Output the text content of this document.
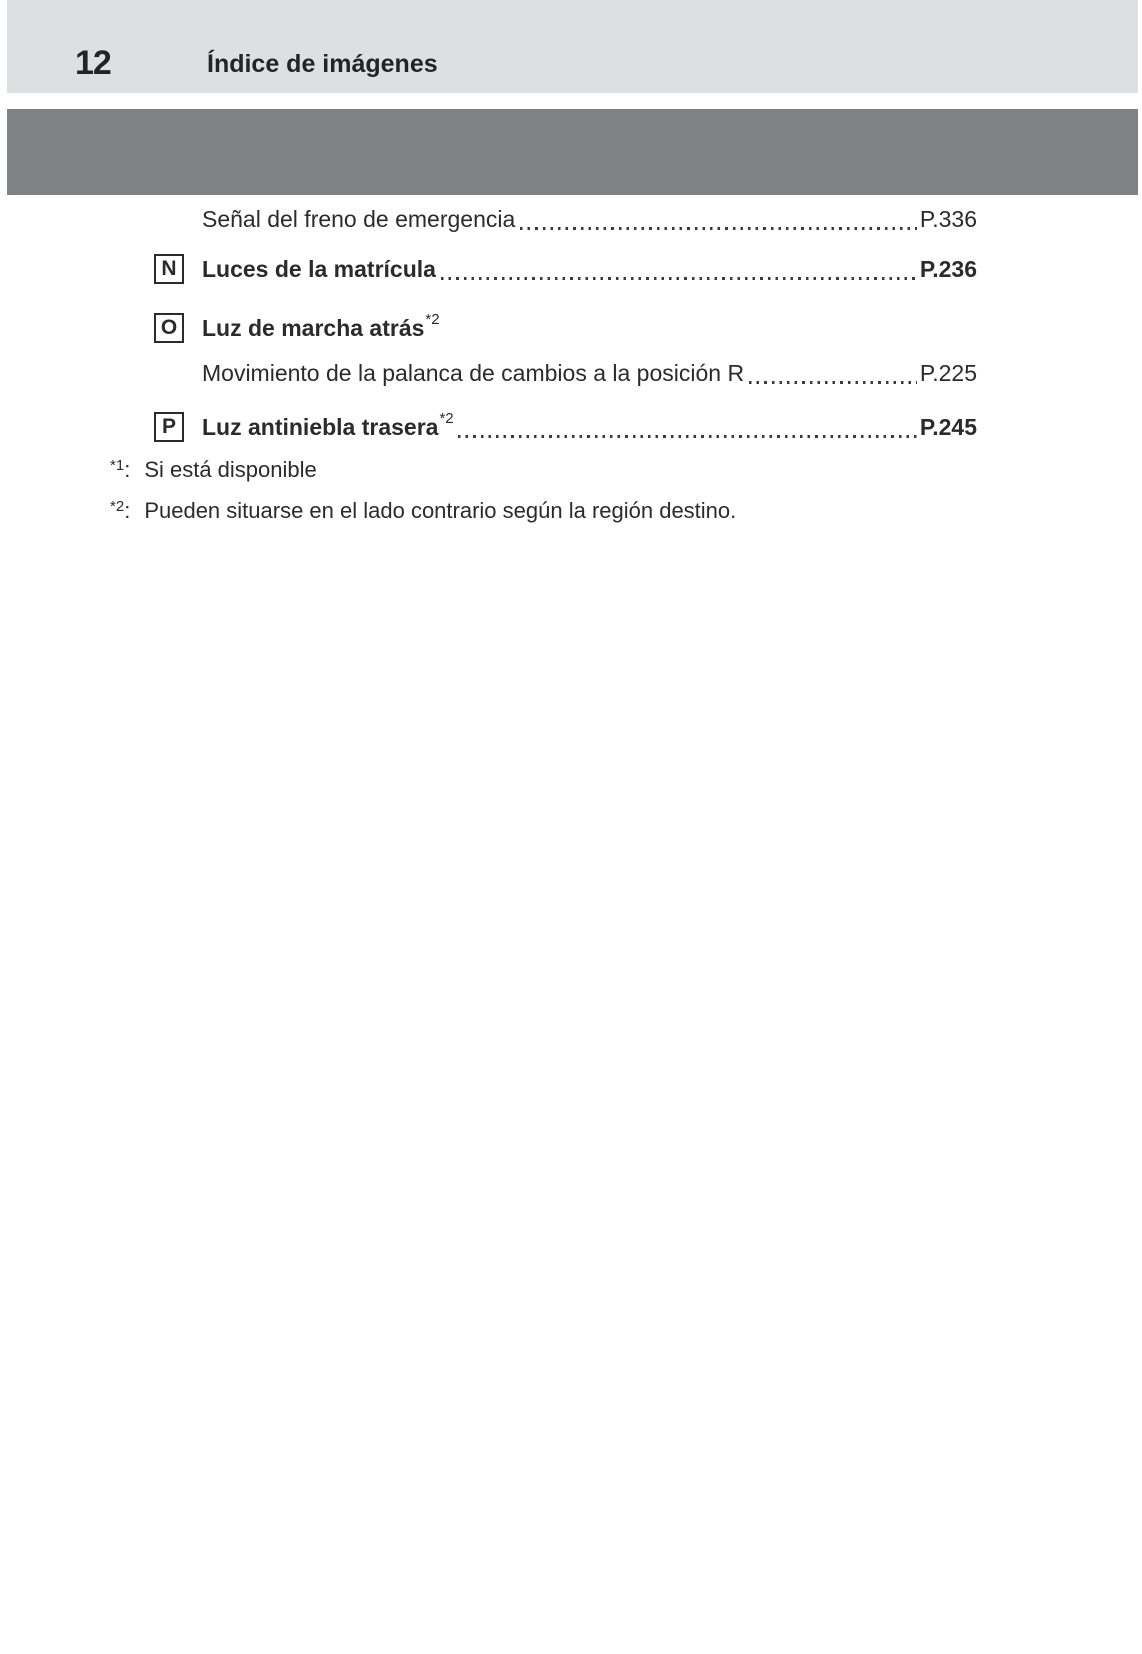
12	Índice de imágenes
Señal del freno de emergencia	P.336
N	Luces de la matrícula	P.236
O Luz de marcha atrás *2
Movimiento de la palanca de cambios a la posición R	P.225
P	Luz antiniebla trasera *2	P.245
$^{*1}$: Si está disponible
$^{*2}$: Pueden situarse en el lado contrario según la región destino.
